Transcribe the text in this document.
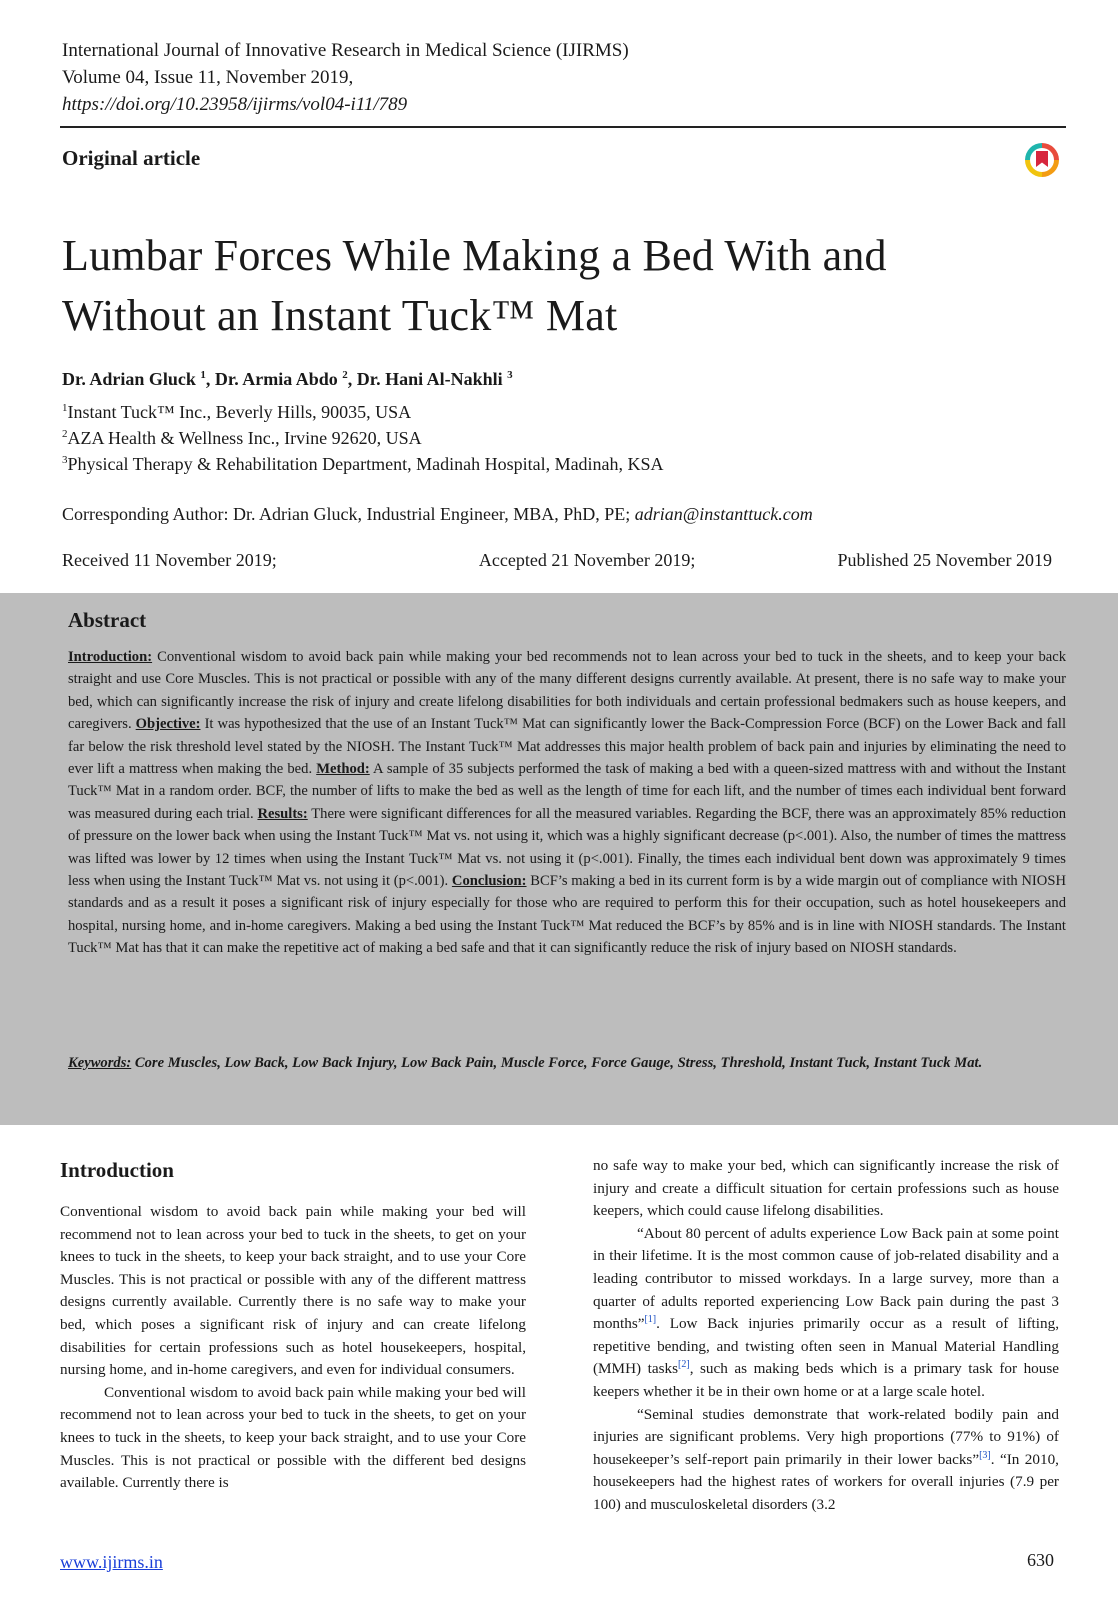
International Journal of Innovative Research in Medical Science (IJIRMS)
Volume 04, Issue 11, November 2019,
https://doi.org/10.23958/ijirms/vol04-i11/789
Original article
Lumbar Forces While Making a Bed With and
Without an Instant Tuck™ Mat
Dr. Adrian Gluck $^1$, Dr. Armia Abdo $^2$, Dr. Hani Al-Nakhli $^3$
$^1$Instant Tuck™ Inc., Beverly Hills, 90035, USA
$^2$AZA Health & Wellness Inc., Irvine 92620, USA
$^3$Physical Therapy & Rehabilitation Department, Madinah Hospital, Madinah, KSA
Corresponding Author: Dr. Adrian Gluck, Industrial Engineer, MBA, PhD, PE; adrian@instanttuck.com
Received 11 November 2019;	Accepted 21 November 2019;	Published 25 November 2019
Abstract
Introduction: Conventional wisdom to avoid back pain while making your bed recommends not to lean across your bed to tuck in the sheets, and to keep your back straight and use Core Muscles. This is not practical or possible with any of the many different designs currently available. At present, there is no safe way to make your bed, which can significantly increase the risk of injury and create lifelong disabilities for both individuals and certain professional bedmakers such as house keepers, and caregivers. Objective: It was hypothesized that the use of an Instant Tuck™ Mat can significantly lower the Back-Compression Force (BCF) on the Lower Back and fall far below the risk threshold level stated by the NIOSH. The Instant Tuck™ Mat addresses this major health problem of back pain and injuries by eliminating the need to ever lift a mattress when making the bed. Method: A sample of 35 subjects performed the task of making a bed with a queen-sized mattress with and without the Instant Tuck™ Mat in a random order. BCF, the number of lifts to make the bed as well as the length of time for each lift, and the number of times each individual bent forward was measured during each trial. Results: There were significant differences for all the measured variables. Regarding the BCF, there was an approximately 85% reduction of pressure on the lower back when using the Instant Tuck™ Mat vs. not using it, which was a highly significant decrease (p<.001). Also, the number of times the mattress was lifted was lower by 12 times when using the Instant Tuck™ Mat vs. not using it (p<.001). Finally, the times each individual bent down was approximately 9 times less when using the Instant Tuck™ Mat vs. not using it (p<.001). Conclusion: BCF’s making a bed in its current form is by a wide margin out of compliance with NIOSH standards and as a result it poses a significant risk of injury especially for those who are required to perform this for their occupation, such as hotel housekeepers and hospital, nursing home, and in-home caregivers. Making a bed using the Instant Tuck™ Mat reduced the BCF’s by 85% and is in line with NIOSH standards. The Instant Tuck™ Mat has that it can make the repetitive act of making a bed safe and that it can significantly reduce the risk of injury based on NIOSH standards.
Keywords: Core Muscles, Low Back, Low Back Injury, Low Back Pain, Muscle Force, Force Gauge, Stress, Threshold, Instant Tuck, Instant Tuck Mat.
Introduction

Conventional wisdom to avoid back pain while making your bed will recommend not to lean across your bed to tuck in the sheets, to get on your knees to tuck in the sheets, to keep your back straight, and to use your Core Muscles. This is not practical or possible with any of the different mattress designs currently available. Currently there is no safe way to make your bed, which poses a significant risk of injury and can create lifelong disabilities for certain professions such as hotel housekeepers, hospital, nursing home, and in-home caregivers, and even for individual consumers.

Conventional wisdom to avoid back pain while making your bed will recommend not to lean across your bed to tuck in the sheets, to get on your knees to tuck in the sheets, to keep your back straight, and to use your Core Muscles. This is not practical or possible with the different bed designs available. Currently there is

no safe way to make your bed, which can significantly increase the risk of injury and create a difficult situation for certain professions such as house keepers, which could cause lifelong disabilities.

“About 80 percent of adults experience Low Back pain at some point in their lifetime. It is the most common cause of job-related disability and a leading contributor to missed workdays. In a large survey, more than a quarter of adults reported experiencing Low Back pain during the past 3 months”[1]. Low Back injuries primarily occur as a result of lifting, repetitive bending, and twisting often seen in Manual Material Handling (MMH) tasks[2], such as making beds which is a primary task for house keepers whether it be in their own home or at a large scale hotel.

“Seminal studies demonstrate that work-related bodily pain and injuries are significant problems. Very high proportions (77% to 91%) of housekeeper’s self-report pain primarily in their lower backs”[3]. “In 2010, housekeepers had the highest rates of workers for overall injuries (7.9 per 100) and musculoskeletal disorders (3.2

www.ijirms.in	630
